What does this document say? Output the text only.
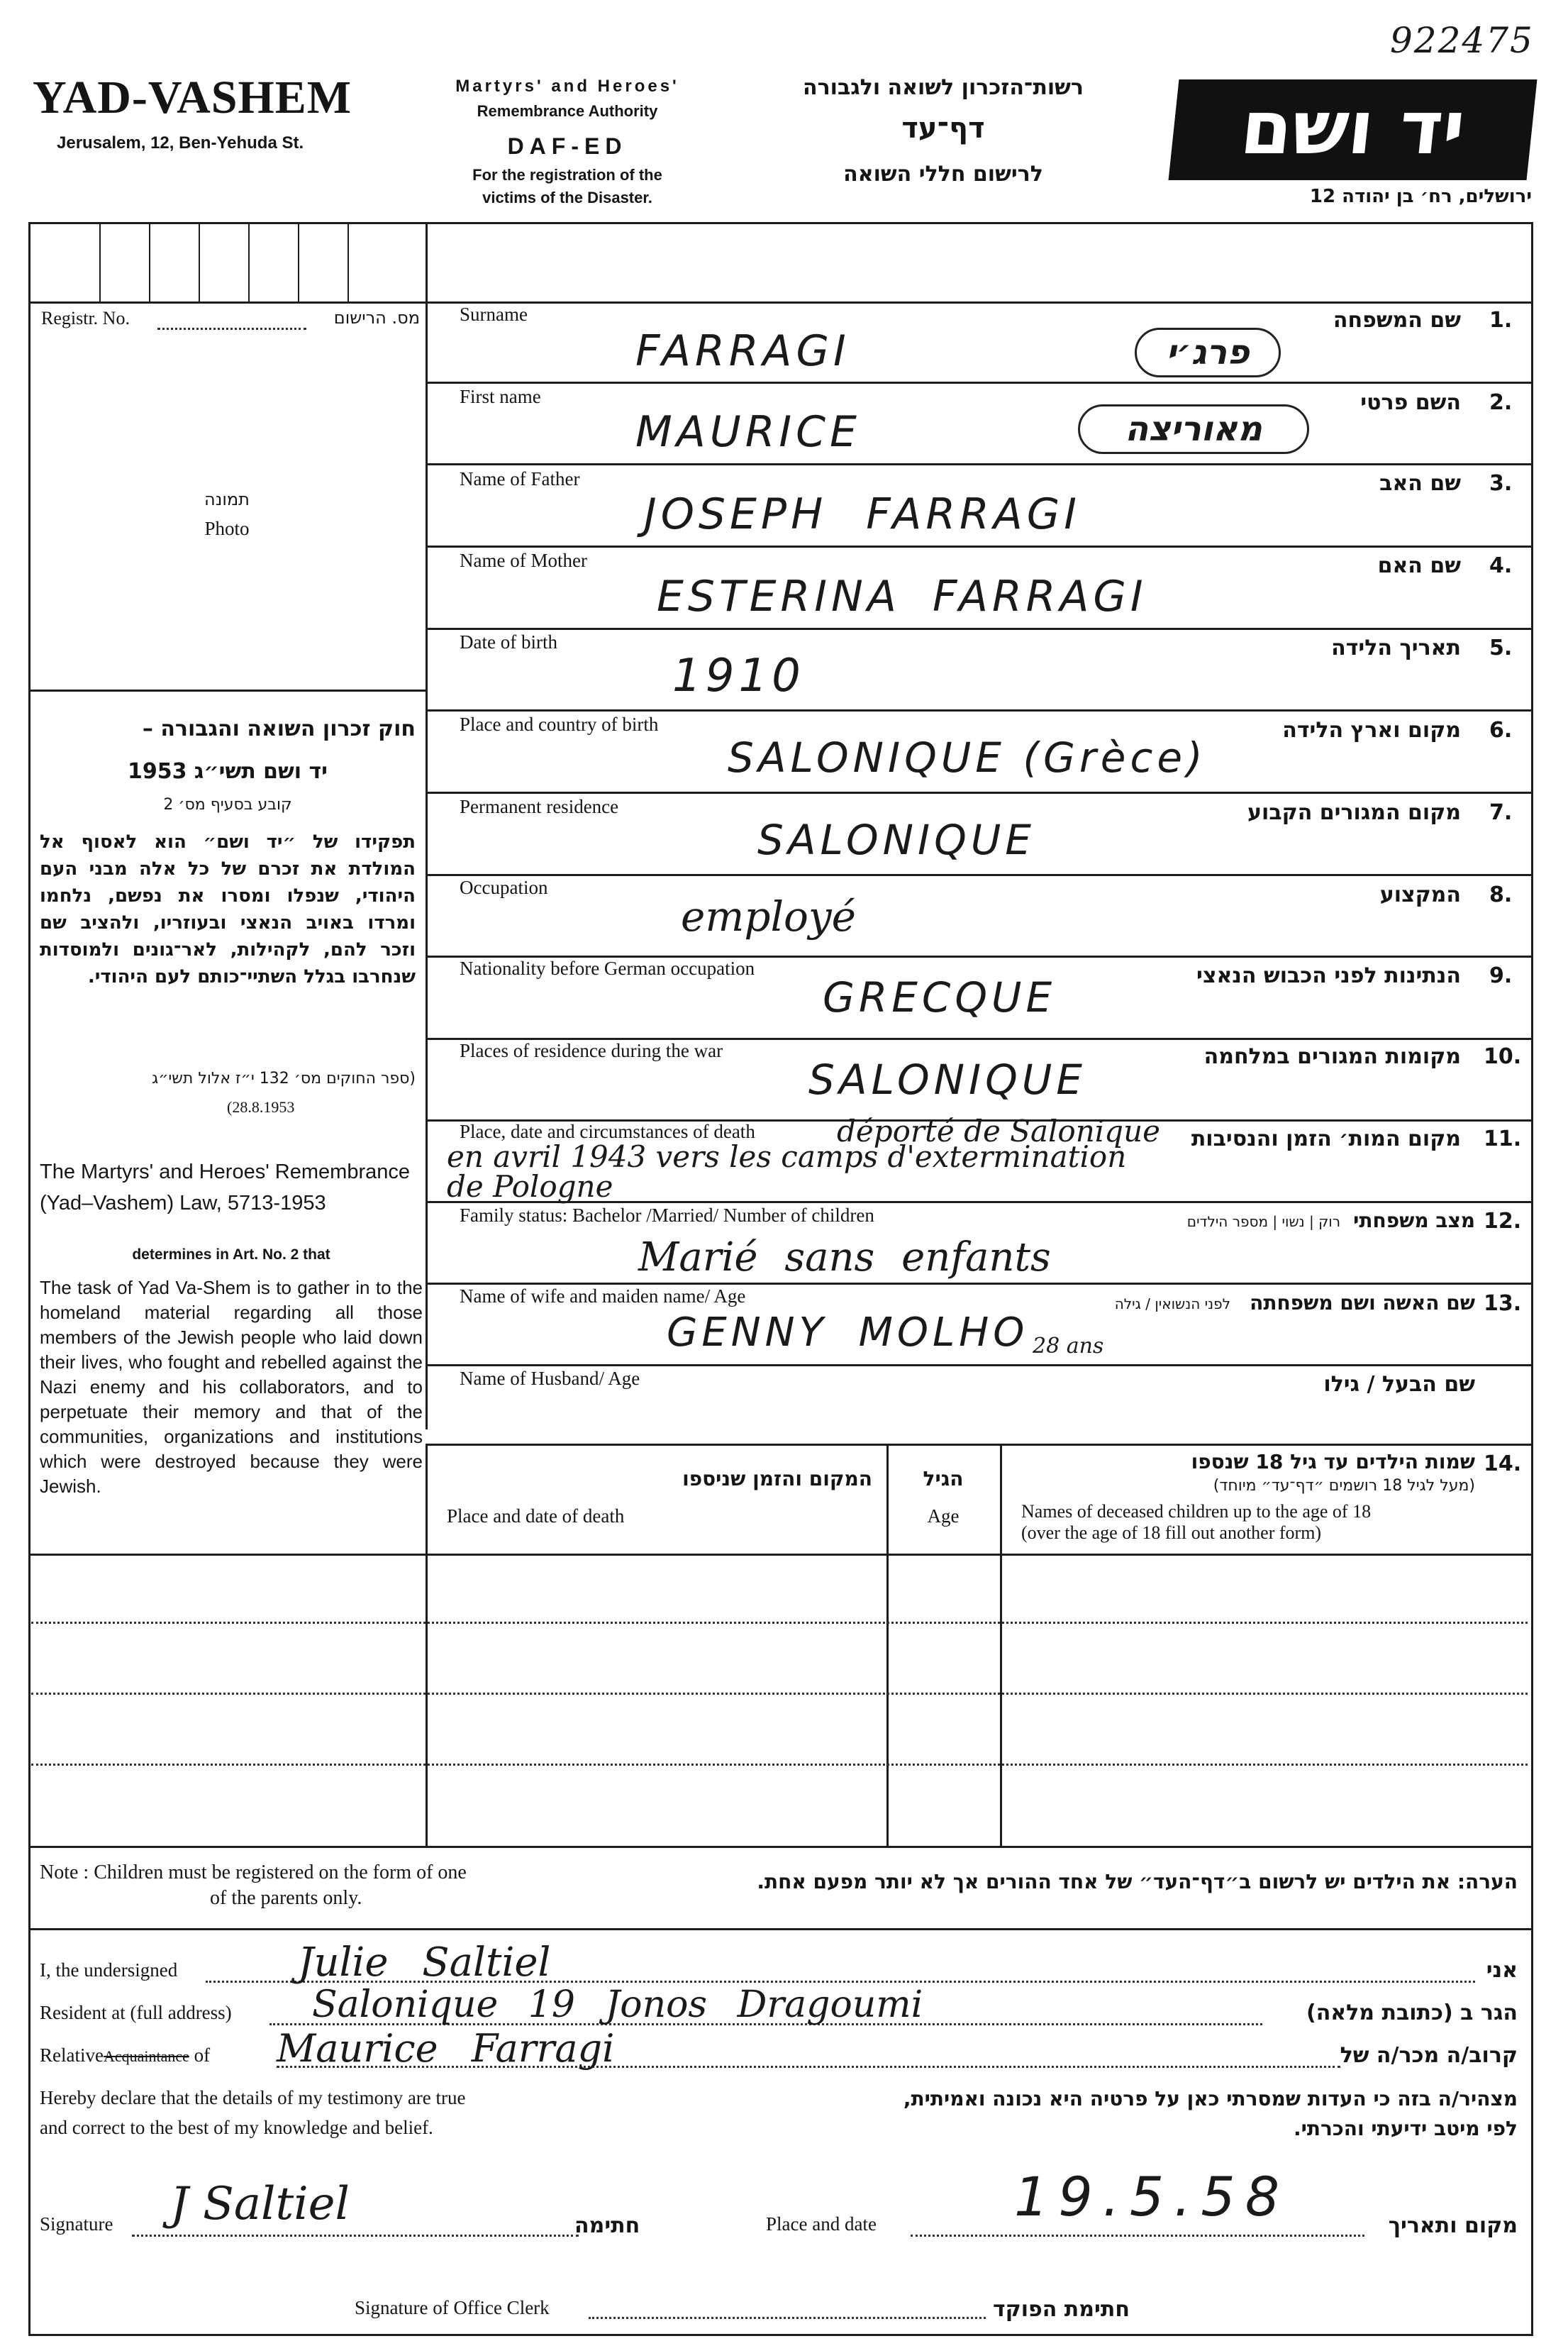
922475
YAD-VASHEM
Jerusalem, 12, Ben-Yehuda St.
Martyrs' and Heroes'
Remembrance Authority
DAF-ED
For the registration of the
victims of the Disaster.
רשות־הזכרון לשואה ולגבורה
דף־עד
לרישום חללי השואה
יד ושם
ירושלים, רח׳ בן יהודה 12
Registr. No.	מס. הרישום
תמונה
Photo
חוק זכרון השואה והגבורה –
יד ושם תשי״ג 1953
קובע בסעיף מס׳ 2
תפקידו של ״יד ושם״ הוא לאסוף אל המולדת את זכרם של כל אלה מבני העם היהודי, שנפלו ומסרו את נפשם, נלחמו ומרדו באויב הנאצי ובעוזריו, ולהציב שם וזכר להם, לקהילות, לאר־גונים ולמוסדות שנחרבו בגלל השתיי־כותם לעם היהודי.
(ספר החוקים מס׳ 132 י״ז אלול תשי״ג
(28.8.1953
The Martyrs' and Heroes' Remembrance (Yad–Vashem) Law, 5713-1953
determines in Art. No. 2 that
The task of Yad Va-Shem is to gather in to the homeland material regarding all those members of the Jewish people who laid down their lives, who fought and rebelled against the Nazi enemy and his collaborators, and to perpetuate their memory and that of the communities, organizations and institutions which were destroyed because they were Jewish.
Surname	שם המשפחה 1.
FARRAGI	פרג׳י
First name	השם פרטי 2.
MAURICE	מאוריצה
Name of Father	שם האב 3.
JOSEPH FARRAGI
Name of Mother	שם האם 4.
ESTERINA FARRAGI
Date of birth	תאריך הלידה 5.
1910
Place and country of birth	מקום וארץ הלידה 6.
SALONIQUE (Grèce)
Permanent residence	מקום המגורים הקבוע 7.
SALONIQUE
Occupation	המקצוע 8.
employé
Nationality before German occupation	הנתינות לפני הכבוש הנאצי 9.
GRECQUE
Places of residence during the war	מקומות המגורים במלחמה 10.
SALONIQUE
Place, date and circumstances of death	מקום המות׳ הזמן והנסיבות 11.
déporté de Salonique
en avril 1943 vers les camps d'extermination
de Pologne
Family status: Bachelor /Married/ Number of children	מצב משפחתי
רוק | נשוי | מספר הילדים	12.
Marié sans enfants
Name of wife and maiden name/ Age	שם האשה ושם משפחתה
לפני הנשואין / גילה	13.
GENNY MOLHO 28 ans
Name of Husband/ Age	שם הבעל / גילו
14.
שמות הילדים עד גיל 18 שנספו
(מעל לגיל 18 רושמים ״דף־עד״ מיוחד)
Names of deceased children up to the age of 18
(over the age of 18 fill out another form)
הגיל
Age
המקום והזמן שניספו
Place and date of death
Note : Children must be registered on the form of one
of the parents only.
הערה: את הילדים יש לרשום ב״דף־העד״ של אחד ההורים אך לא יותר מפעם אחת.
I, the undersigned	אני
Julie Saltiel
Resident at (full address)	הגר ב (כתובת מלאה)
Salonique 19 Jonos Dragoumi
RelativeAcquaintance of	קרוב/ה מכר/ה של
Maurice Farragi
Hereby declare that the details of my testimony are true
and correct to the best of my knowledge and belief.
מצהיר/ה בזה כי העדות שמסרתי כאן על פרטיה היא נכונה ואמיתית,
לפי מיטב ידיעתי והכרתי.
Signature	חתימה
J Saltiel	Place and date	מקום ותאריך
19.5.58
Signature of Office Clerk	חתימת הפוקד
